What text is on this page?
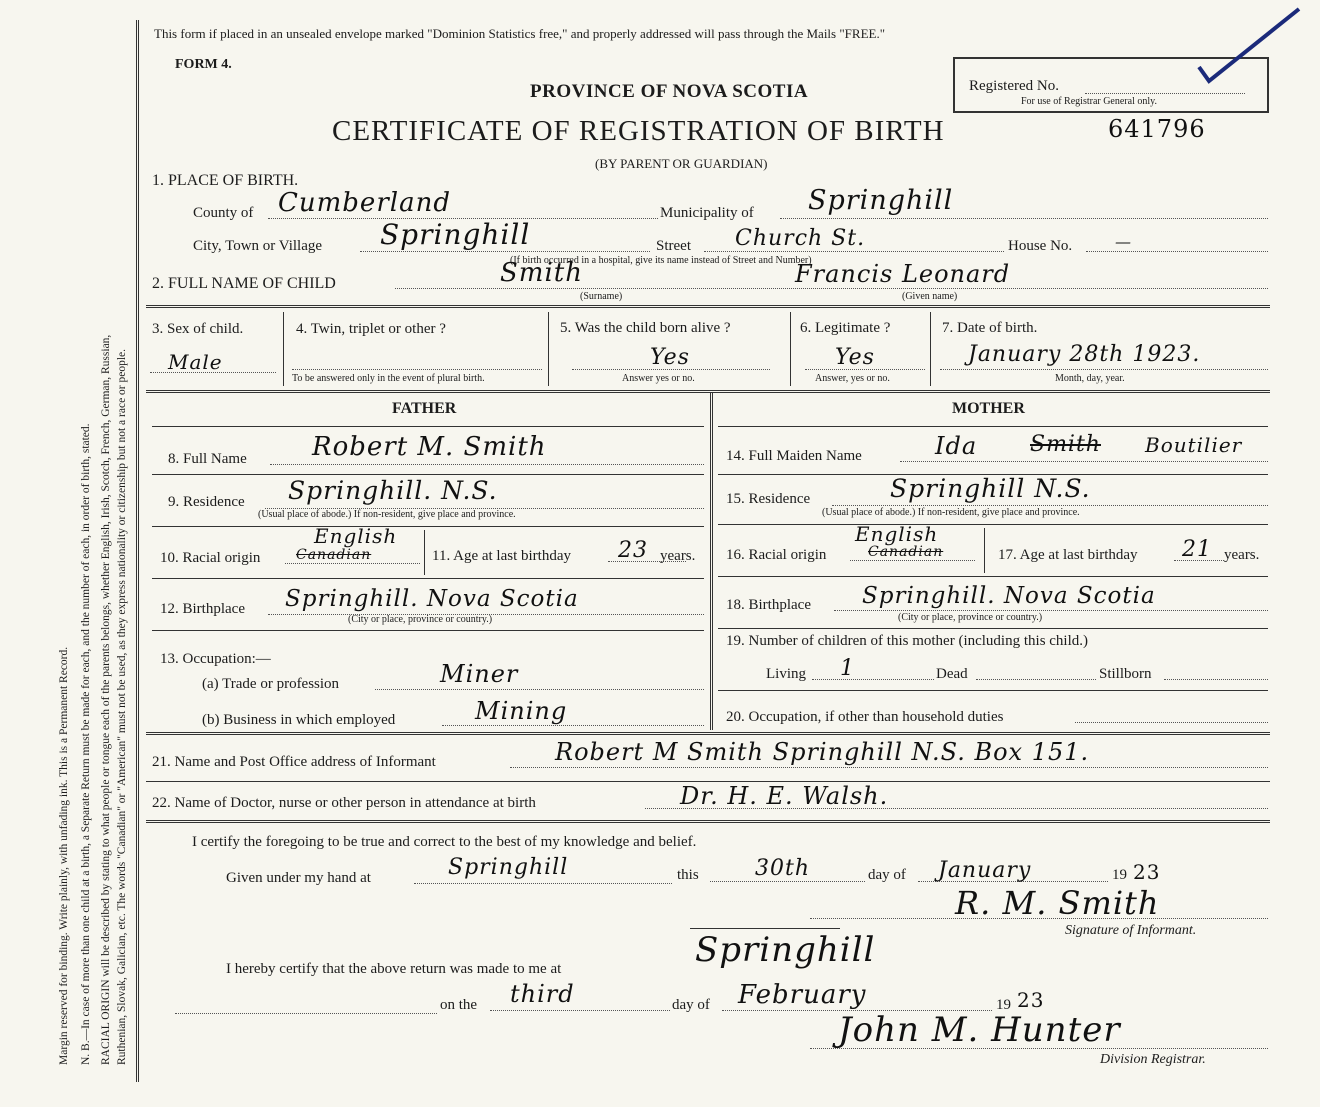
Margin reserved for binding. Write plainly, with unfading ink. This is a Permanent Record. N. B.—In case of more than one child at a birth, a Separate Return must be made for each, and the number of each, in order of birth, stated. RACIAL ORIGIN will be described by stating to what people or tongue each of the parents belongs, whether English, Irish, Scotch, French, German, Russian, Ruthenian, Slovak, Galician, etc. The words "Canadian" or "American" must not be used, as they express nationality or citizenship but not a race or people.
This form if placed in an unsealed envelope marked "Dominion Statistics free," and properly addressed will pass through the Mails "FREE."
FORM 4.
PROVINCE OF NOVA SCOTIA
CERTIFICATE OF REGISTRATION OF BIRTH	641796
(BY PARENT OR GUARDIAN)
Registered No.
For use of Registrar General only.
1. PLACE OF BIRTH.
County of Cumberland	Municipality of Springhill
City, Town or Village Springhill	Street Church St.	House No.	—
(If birth occurred in a hospital, give its name instead of Street and Number)
2. FULL NAME OF CHILD	Smith
(Surname)
Francis Leonard
(Given name)
3. Sex of child.
Male
4. Twin, triplet or other ?
To be answered only in the event of plural birth.
5. Was the child born alive ?
Yes
Answer yes or no.
6. Legitimate ?
Yes
Answer, yes or no.
7. Date of birth.
January 28th 1923.
Month, day, year.
FATHER
8. Full Name	Robert M. Smith
9. Residence Springhill. N.S.
(Usual place of abode.) If non-resident, give place and province.
10. Racial origin	Canadian
English
11. Age at last birthday 23 years.
12. Birthplace Springhill. Nova Scotia
(City or place, province or country.)
13. Occupation:—
(a) Trade or profession	Miner
(b) Business in which employed	Mining
MOTHER
14. Full Maiden Name	Ida Smith Boutilier
15. Residence	Springhill N.S.
(Usual place of abode.) If non-resident, give place and province.
16. Racial origin	Canadian
English
17. Age at last birthday 21 years.
18. Birthplace Springhill. Nova Scotia
(City or place, province or country.)
19. Number of children of this mother (including this child.)
Living 1	Dead	Stillborn
20. Occupation, if other than household duties
21. Name and Post Office address of Informant	Robert M Smith Springhill N.S. Box 151.
22. Name of Doctor, nurse or other person in attendance at birth	Dr. H. E. Walsh.
I certify the foregoing to be true and correct to the best of my knowledge and belief.
Given under my hand at	Springhill	this	30th	day of January	19 23
R. M. Smith
Signature of Informant.
I hereby certify that the above return was made to me at	Springhill
on the third	day of February	19 23
John M. Hunter
Division Registrar.
